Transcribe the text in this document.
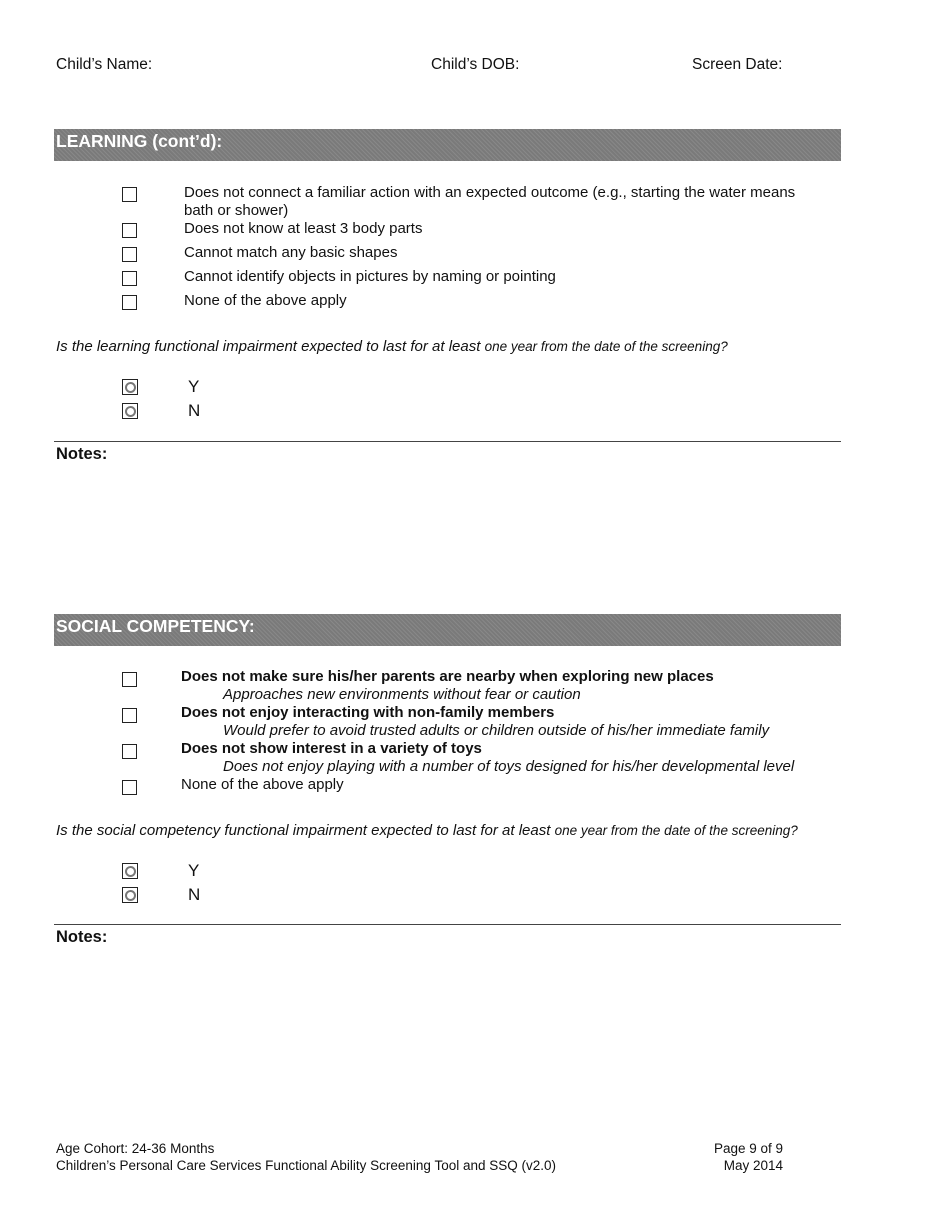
Child’s Name:	Child’s DOB:	Screen Date:
LEARNING (cont’d):
Does not connect a familiar action with an expected outcome (e.g., starting the water means
bath or shower)
Does not know at least 3 body parts
Cannot match any basic shapes
Cannot identify objects in pictures by naming or pointing
None of the above apply
Is the learning functional impairment expected to last for at least one year from the date of the screening?
Y
N
Notes:
SOCIAL COMPETENCY:
Does not make sure his/her parents are nearby when exploring new places
Approaches new environments without fear or caution
Does not enjoy interacting with non-family members
Would prefer to avoid trusted adults or children outside of his/her immediate family
Does not show interest in a variety of toys
Does not enjoy playing with a number of toys designed for his/her developmental level
None of the above apply
Is the social competency functional impairment expected to last for at least one year from the date of the screening?
Y
N
Notes:
Age Cohort: 24-36 Months
Children’s Personal Care Services Functional Ability Screening Tool and SSQ (v2.0)
Page 9 of 9
May 2014
